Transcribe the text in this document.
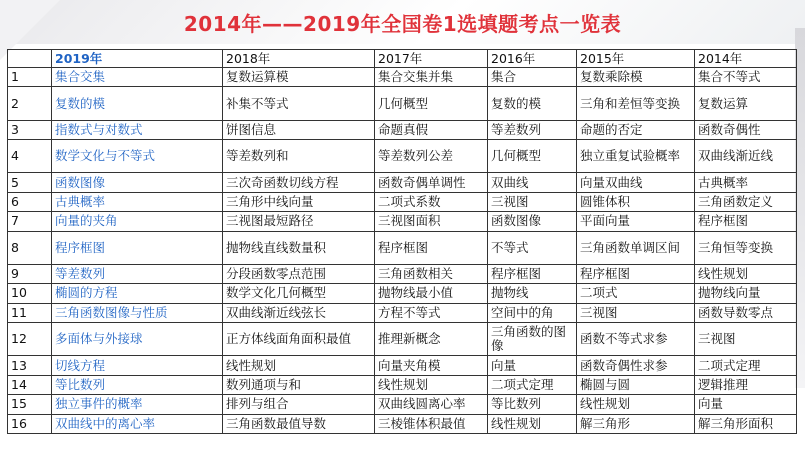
2014年——2019年全国卷1选填题考点一览表
	2019年	2018年	2017年	2016年	2015年	2014年
1	集合交集	复数运算模	集合交集并集	集合	复数乘除模	集合不等式
2	复数的模	补集不等式	几何概型	复数的模	三角和差恒等变换	复数运算
3	指数式与对数式	饼图信息	命题真假	等差数列	命题的否定	函数奇偶性
4	数学文化与不等式	等差数列和	等差数列公差	几何概型	独立重复试验概率	双曲线渐近线
5	函数图像	三次奇函数切线方程	函数奇偶单调性	双曲线	向量双曲线	古典概率
6	古典概率	三角形中线向量	二项式系数	三视图	圆锥体积	三角函数定义
7	向量的夹角	三视图最短路径	三视图面积	函数图像	平面向量	程序框图
8	程序框图	抛物线直线数量积	程序框图	不等式	三角函数单调区间	三角恒等变换
9	等差数列	分段函数零点范围	三角函数相关	程序框图	程序框图	线性规划
10	椭圆的方程	数学文化几何概型	抛物线最小值	抛物线	二项式	抛物线向量
11	三角函数图像与性质	双曲线渐近线弦长	方程不等式	空间中的角	三视图	函数导数零点
12	多面体与外接球	正方体线面角面积最值	推理新概念	三角函数的图像	函数不等式求参	三视图
13	切线方程	线性规划	向量夹角模	向量	函数奇偶性求参	二项式定理
14	等比数列	数列通项与和	线性规划	二项式定理	椭圆与圆	逻辑推理
15	独立事件的概率	排列与组合	双曲线圆离心率	等比数列	线性规划	向量
16	双曲线中的离心率	三角函数最值导数	三棱锥体积最值	线性规划	解三角形	解三角形面积
